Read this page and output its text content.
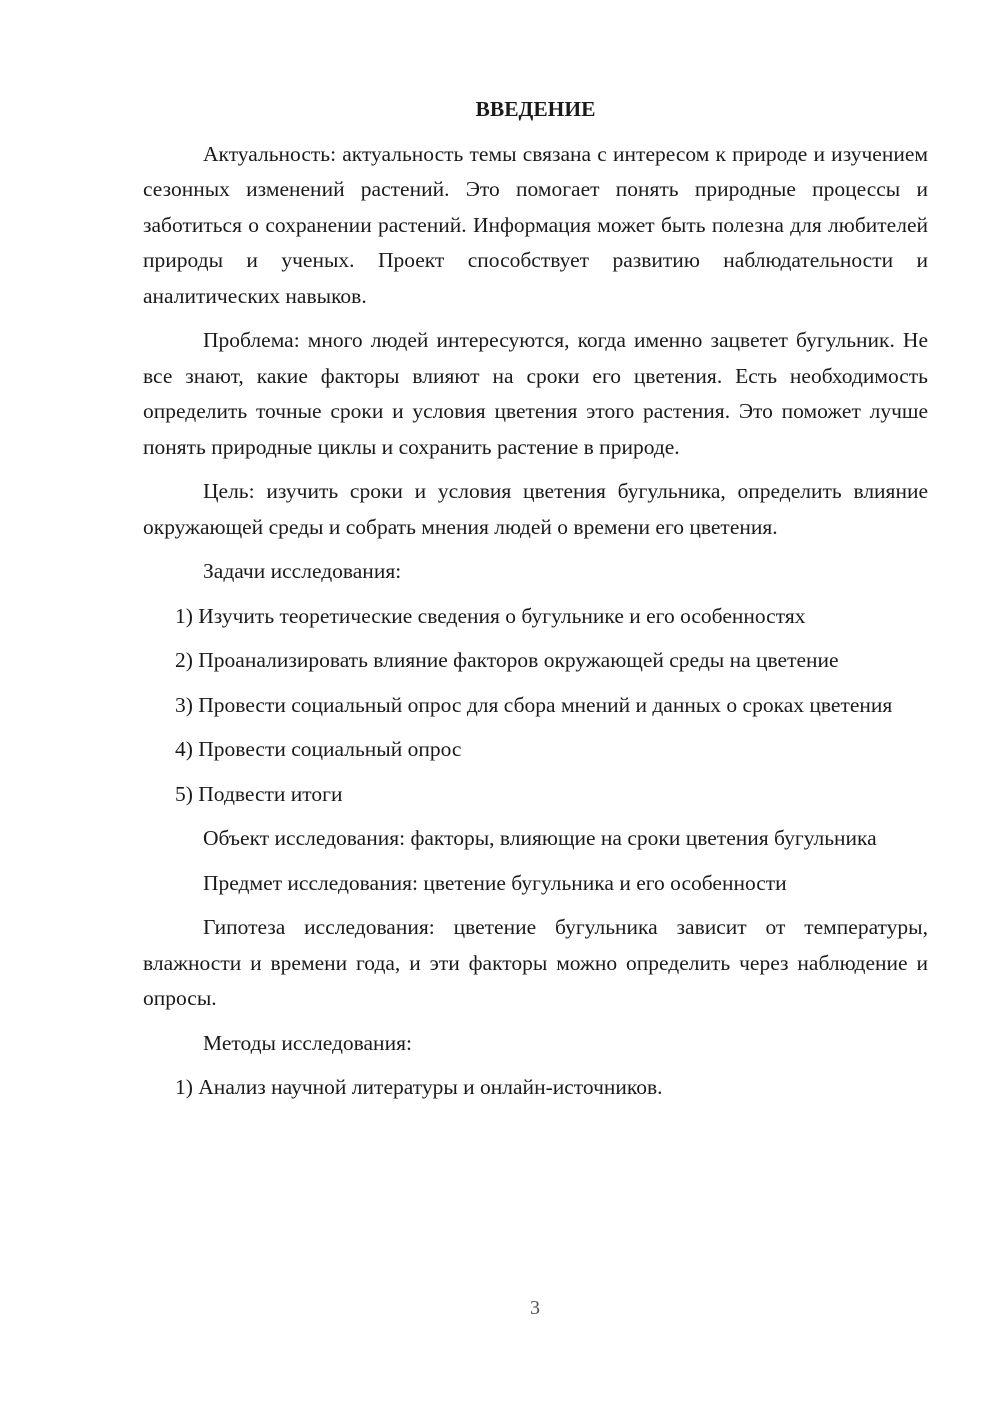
ВВЕДЕНИЕ

Актуальность: актуальность темы связана с интересом к природе и изучением сезонных изменений растений. Это помогает понять природные процессы и заботиться о сохранении растений. Информация может быть полезна для любителей природы и ученых. Проект способствует развитию наблюдательности и аналитических навыков.

Проблема: много людей интересуются, когда именно зацветет бугульник. Не все знают, какие факторы влияют на сроки его цветения. Есть необходимость определить точные сроки и условия цветения этого растения. Это поможет лучше понять природные циклы и сохранить растение в природе.

Цель: изучить сроки и условия цветения бугульника, определить влияние окружающей среды и собрать мнения людей о времени его цветения.

Задачи исследования:

1) Изучить теоретические сведения о бугульнике и его особенностях

2) Проанализировать влияние факторов окружающей среды на цветение

3) Провести социальный опрос для сбора мнений и данных о сроках цветения

4) Провести социальный опрос

5) Подвести итоги

Объект исследования: факторы, влияющие на сроки цветения бугульника

Предмет исследования: цветение бугульника и его особенности

Гипотеза исследования: цветение бугульника зависит от температуры, влажности и времени года, и эти факторы можно определить через наблюдение и опросы.

Методы исследования:

1) Анализ научной литературы и онлайн-источников.

3
